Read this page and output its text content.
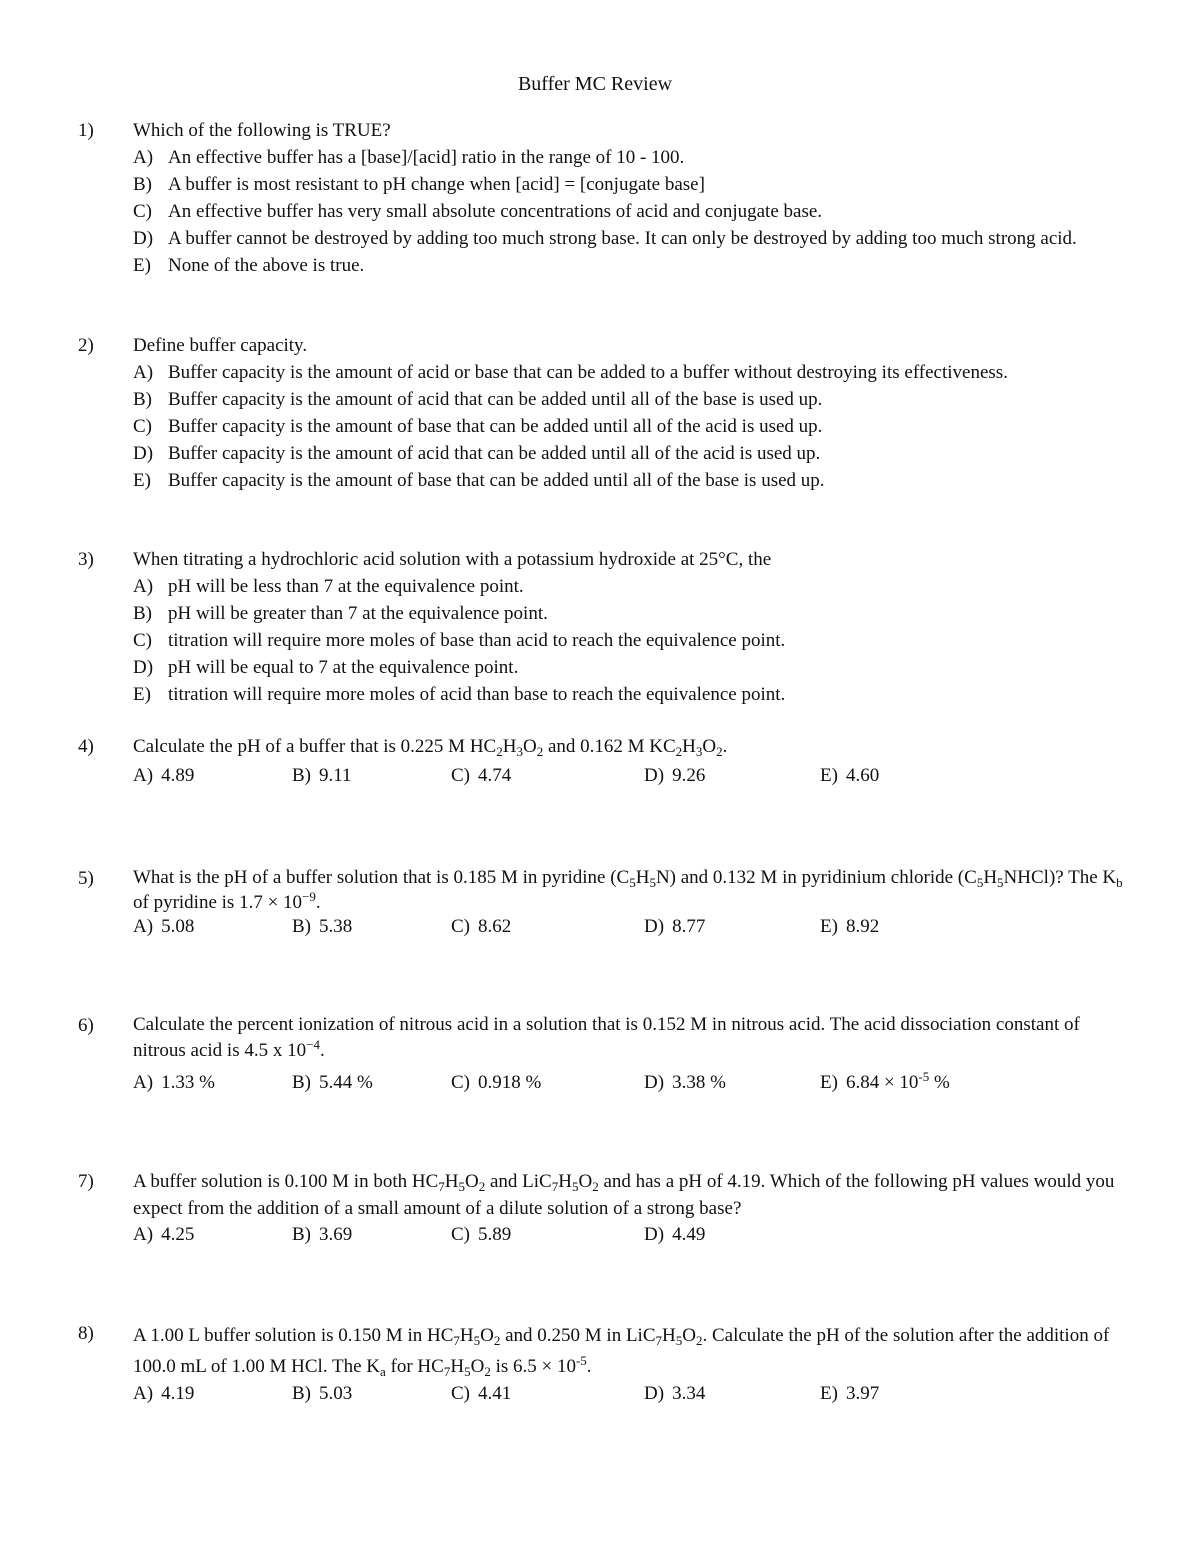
Buffer MC Review
1) Which of the following is TRUE?
A) An effective buffer has a [base]/[acid] ratio in the range of 10 - 100.
B) A buffer is most resistant to pH change when [acid] = [conjugate base]
C) An effective buffer has very small absolute concentrations of acid and conjugate base.
D) A buffer cannot be destroyed by adding too much strong base. It can only be destroyed by adding too much strong acid.
E) None of the above is true.
2) Define buffer capacity.
A) Buffer capacity is the amount of acid or base that can be added to a buffer without destroying its effectiveness.
B) Buffer capacity is the amount of acid that can be added until all of the base is used up.
C) Buffer capacity is the amount of base that can be added until all of the acid is used up.
D) Buffer capacity is the amount of acid that can be added until all of the acid is used up.
E) Buffer capacity is the amount of base that can be added until all of the base is used up.
3) When titrating a hydrochloric acid solution with a potassium hydroxide at 25°C, the
A) pH will be less than 7 at the equivalence point.
B) pH will be greater than 7 at the equivalence point.
C) titration will require more moles of base than acid to reach the equivalence point.
D) pH will be equal to 7 at the equivalence point.
E) titration will require more moles of acid than base to reach the equivalence point.
4) Calculate the pH of a buffer that is 0.225 M $HC_2H_3O_2$ and 0.162 M $KC_2H_3O_2$.
A) 4.89	B) 9.11	C) 4.74	D) 9.26	E) 4.60
5) What is the pH of a buffer solution that is 0.185 M in pyridine $(C_5H_5N)$ and 0.132 M in pyridinium chloride $(C_5H_5NHCl)$? The $K_b$ of pyridine is $1.7 \times 10^{-9}$.
A) 5.08	B) 5.38	C) 8.62	D) 8.77	E) 8.92
6) Calculate the percent ionization of nitrous acid in a solution that is 0.152 M in nitrous acid. The acid dissociation constant of nitrous acid is 4.5 x $10^{-4}$.
A) 1.33 %	B) 5.44 %	C) 0.918 %	D) 3.38 %	E) $6.84 \times 10^{-5}$ %
7) A buffer solution is 0.100 M in both $HC_7H_5O_2$ and $LiC_7H_5O_2$ and has a pH of 4.19. Which of the following pH values would you expect from the addition of a small amount of a dilute solution of a strong base?
A) 4.25	B) 3.69	C) 5.89	D) 4.49
8) A 1.00 L buffer solution is 0.150 M in $HC_7H_5O_2$ and 0.250 M in $LiC_7H_5O_2$. Calculate the pH of the solution after the addition of 100.0 mL of 1.00 M HCl. The $K_a$ for $HC_7H_5O_2$ is $6.5 \times 10^{-5}$.
A) 4.19	B) 5.03	C) 4.41	D) 3.34	E) 3.97
